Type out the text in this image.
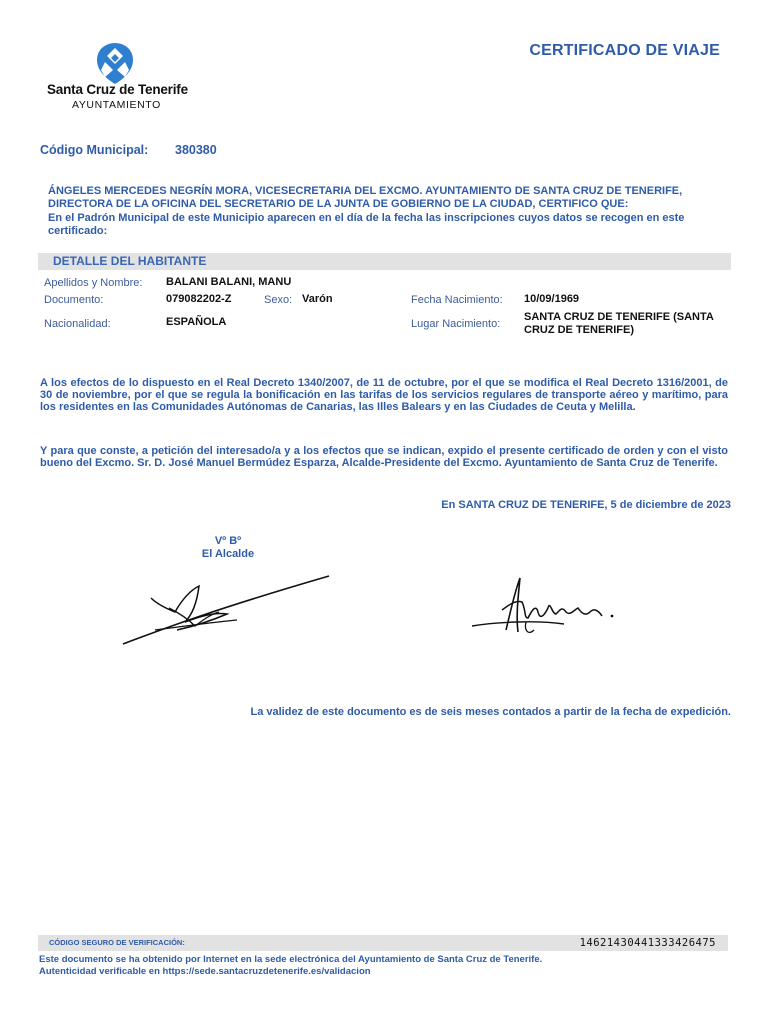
Santa Cruz de Tenerife
AYUNTAMIENTO
CERTIFICADO DE VIAJE
Código Municipal: 380380
ÁNGELES MERCEDES NEGRÍN MORA, VICESECRETARIA DEL EXCMO. AYUNTAMIENTO DE SANTA CRUZ DE TENERIFE, DIRECTORA DE LA OFICINA DEL SECRETARIO DE LA JUNTA DE GOBIERNO DE LA CIUDAD, CERTIFICO QUE:
En el Padrón Municipal de este Municipio aparecen en el día de la fecha las inscripciones cuyos datos se recogen en este certificado:
DETALLE DEL HABITANTE
Apellidos y Nombre: BALANI BALANI, MANU
Documento:	079082202-Z	Sexo: Varón	Fecha Nacimiento: 10/09/1969
Nacionalidad:	ESPAÑOLA	Lugar Nacimiento:
SANTA CRUZ DE TENERIFE (SANTA CRUZ DE TENERIFE)
A los efectos de lo dispuesto en el Real Decreto 1340/2007, de 11 de octubre, por el que se modifica el Real Decreto 1316/2001, de 30 de noviembre, por el que se regula la bonificación en las tarifas de los servicios regulares de transporte aéreo y marítimo, para los residentes en las Comunidades Autónomas de Canarias, las Illes Balears y en las Ciudades de Ceuta y Melilla.
Y para que conste, a petición del interesado/a y a los efectos que se indican, expido el presente certificado de orden y con el visto bueno del Excmo. Sr. D. José Manuel Bermúdez Esparza, Alcalde-Presidente del Excmo. Ayuntamiento de Santa Cruz de Tenerife.
En SANTA CRUZ DE TENERIFE, 5 de diciembre de 2023
Vº Bº
El Alcalde
La validez de este documento es de seis meses contados a partir de la fecha de expedición.
CÓDIGO SEGURO DE VERIFICACIÓN:	14621430441333426475
Este documento se ha obtenido por Internet en la sede electrónica del Ayuntamiento de Santa Cruz de Tenerife.
Autenticidad verificable en https://sede.santacruzdetenerife.es/validacion
